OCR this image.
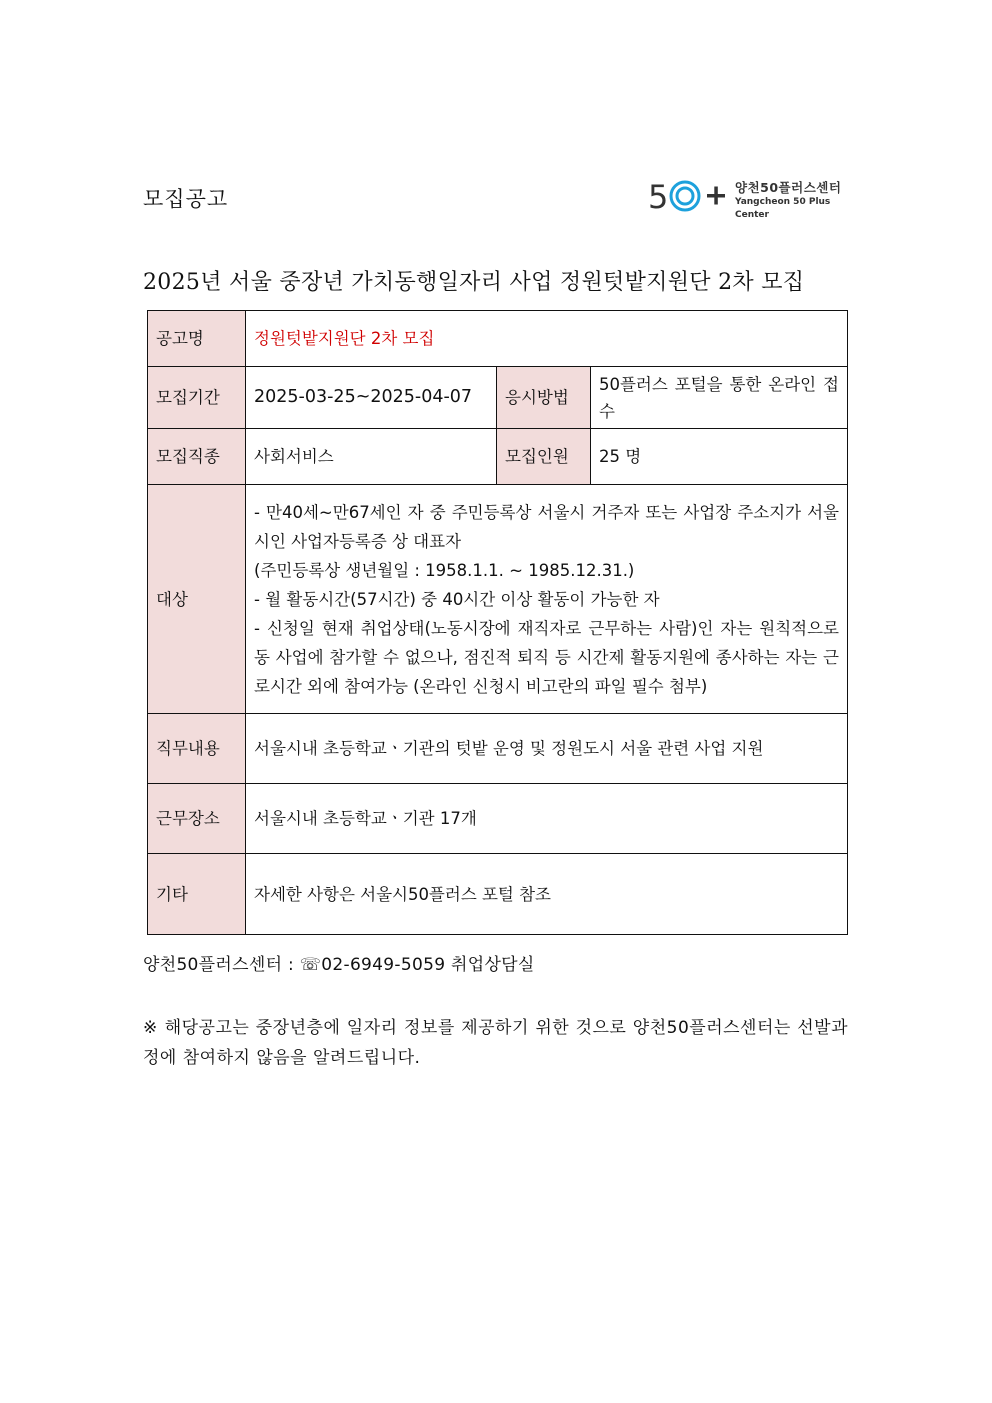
모집공고	5	양천50플러스센터
Yangcheon 50 Plus Center
2025년 서울 중장년 가치동행일자리 사업 정원텃밭지원단 2차 모집
공고명	정원텃밭지원단 2차 모집		
모집기간	2025-03-25~2025-04-07	응시방법	50플러스 포털을 통한 온라인 접수
모집직종	사회서비스	모집인원	25 명
대상	- 만40세~만67세인 자 중 주민등록상 서울시 거주자 또는 사업장 주소지가 서울시인 사업자등록증 상 대표자
(주민등록상 생년월일 : 1958.1.1. ~ 1985.12.31.)
- 월 활동시간(57시간) 중 40시간 이상 활동이 가능한 자
- 신청일 현재 취업상태(노동시장에 재직자로 근무하는 사람)인 자는 원칙적으로 동 사업에 참가할 수 없으나, 점진적 퇴직 등 시간제 활동지원에 종사하는 자는 근로시간 외에 참여가능 (온라인 신청시 비고란의 파일 필수 첨부)		

직무내용	서울시내 초등학교ㆍ기관의 텃밭 운영 및 정원도시 서울 관련 사업 지원		
근무장소	서울시내 초등학교ㆍ기관 17개		
기타	자세한 사항은 서울시50플러스 포털 참조		
양천50플러스센터 : ☏02-6949-5059 취업상담실
※ 해당공고는 중장년층에 일자리 정보를 제공하기 위한 것으로 양천50플러스센터는 선발과정에 참여하지 않음을 알려드립니다.
